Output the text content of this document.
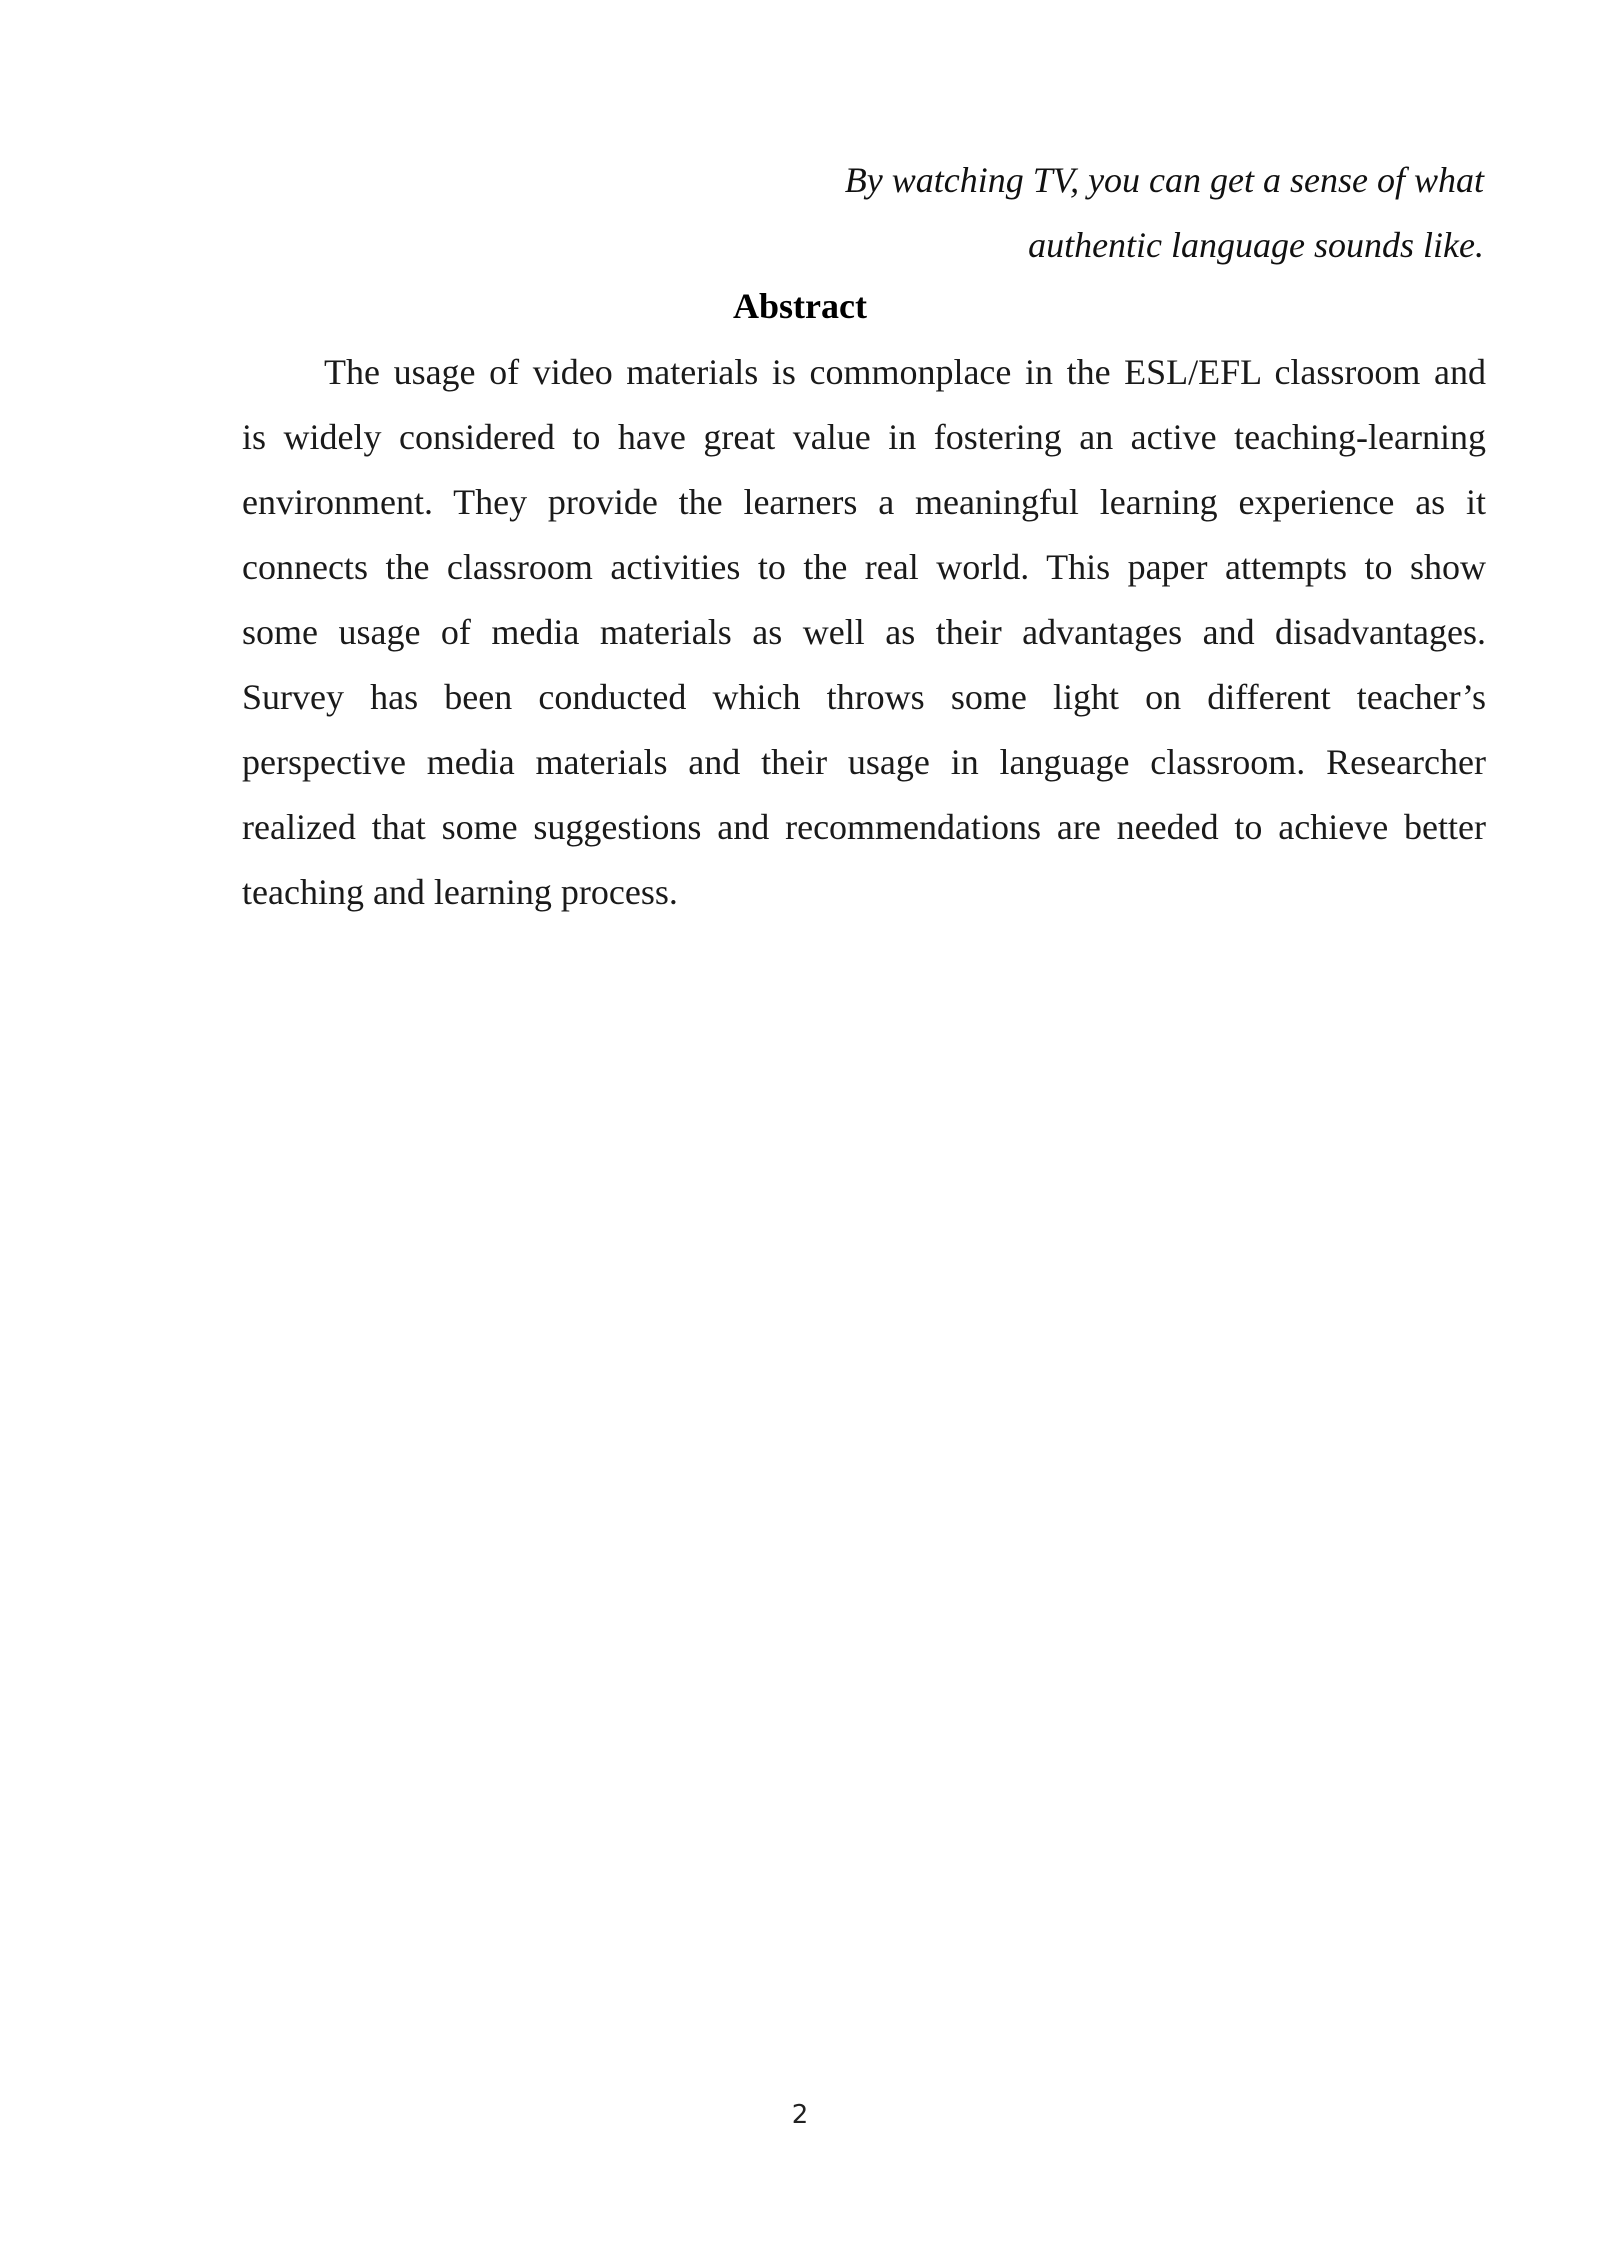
By watching TV, you can get a sense of what
authentic language sounds like.
Abstract
The usage of video materials is commonplace in the ESL/EFL classroom and
is widely considered to have great value in fostering an active teaching-learning
environment. They provide the learners a meaningful learning experience as it
connects the classroom activities to the real world. This paper attempts to show
some usage of media materials as well as their advantages and disadvantages.
Survey has been conducted which throws some light on different teacher’s
perspective media materials and their usage in language classroom. Researcher
realized that some suggestions and recommendations are needed to achieve better
teaching and learning process.
2
